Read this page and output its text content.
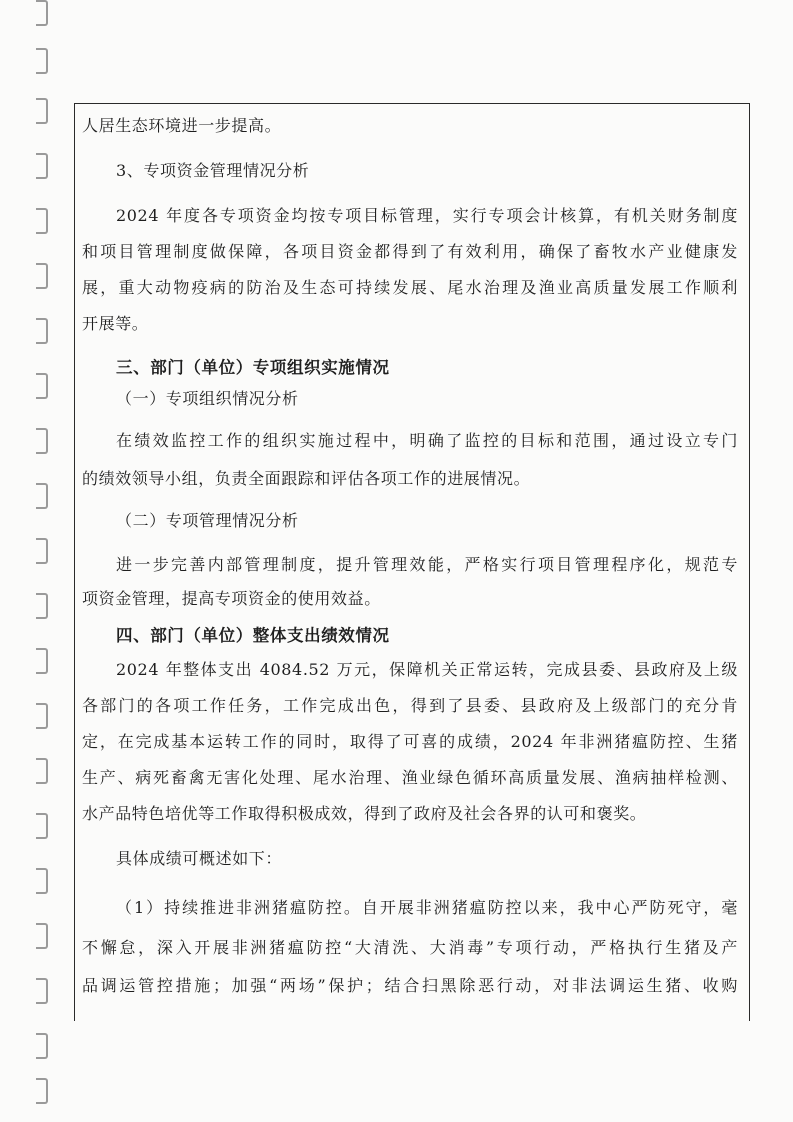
人居生态环境进一步提高。
3、专项资金管理情况分析
2024 年度各专项资金均按专项目标管理，实行专项会计核算，有机关财务制度
和项目管理制度做保障，各项目资金都得到了有效利用，确保了畜牧水产业健康发
展，重大动物疫病的防治及生态可持续发展、尾水治理及渔业高质量发展工作顺利
开展等。
三、部门（单位）专项组织实施情况
（一）专项组织情况分析
在绩效监控工作的组织实施过程中，明确了监控的目标和范围，通过设立专门
的绩效领导小组，负责全面跟踪和评估各项工作的进展情况。
（二）专项管理情况分析
进一步完善内部管理制度，提升管理效能，严格实行项目管理程序化，规范专
项资金管理，提高专项资金的使用效益。
四、部门（单位）整体支出绩效情况
2024 年整体支出 4084.52 万元，保障机关正常运转，完成县委、县政府及上级
各部门的各项工作任务，工作完成出色，得到了县委、县政府及上级部门的充分肯
定，在完成基本运转工作的同时，取得了可喜的成绩，2024 年非洲猪瘟防控、生猪
生产、病死畜禽无害化处理、尾水治理、渔业绿色循环高质量发展、渔病抽样检测、
水产品特色培优等工作取得积极成效，得到了政府及社会各界的认可和褒奖。
具体成绩可概述如下：
（1）持续推进非洲猪瘟防控。自开展非洲猪瘟防控以来，我中心严防死守，毫
不懈怠，深入开展非洲猪瘟防控“大清洗、大消毒”专项行动，严格执行生猪及产
品调运管控措施；加强“两场”保护；结合扫黑除恶行动，对非法调运生猪、收购
